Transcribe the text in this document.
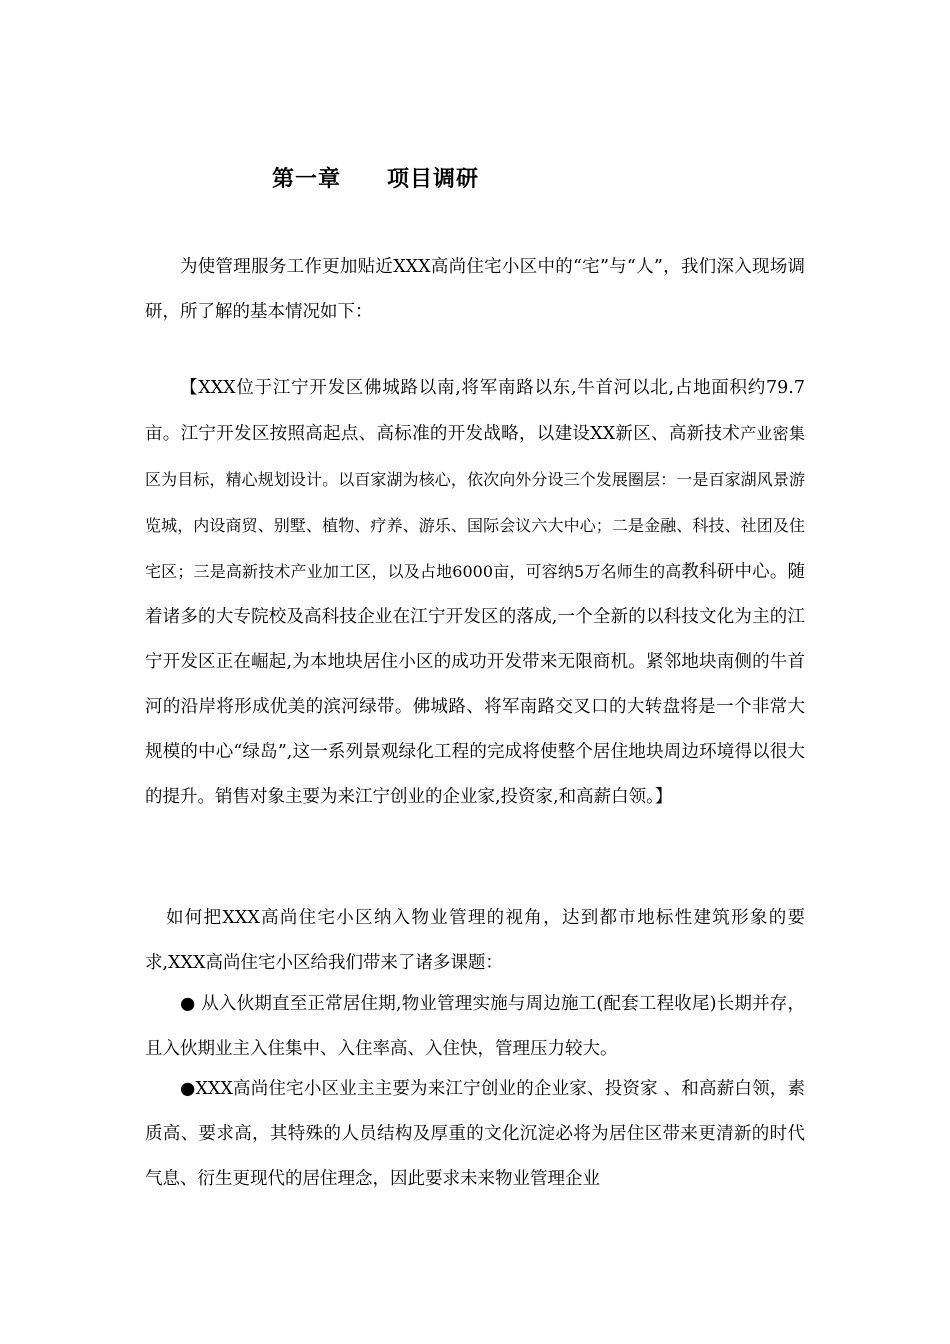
第一章　　项目调研

为使管理服务工作更加贴近XXX高尚住宅小区中的“宅”与“人”，我们深入现场调研，所了解的基本情况如下：

【XXX位于江宁开发区佛城路以南,将军南路以东,牛首河以北,占地面积约79.7亩。江宁开发区按照高起点、高标准的开发战略，以建设XX新区、高新技术产业密集区为目标，精心规划设计。以百家湖为核心，依次向外分设三个发展圈层：一是百家湖风景游览城，内设商贸、别墅、植物、疗养、游乐、国际会议六大中心；二是金融、科技、社团及住宅区；三是高新技术产业加工区，以及占地6000亩，可容纳5万名师生的高教科研中心。随着诸多的大专院校及高科技企业在江宁开发区的落成,一个全新的以科技文化为主的江宁开发区正在崛起,为本地块居住小区的成功开发带来无限商机。紧邻地块南侧的牛首河的沿岸将形成优美的滨河绿带。佛城路、将军南路交叉口的大转盘将是一个非常大规模的中心“绿岛”,这一系列景观绿化工程的完成将使整个居住地块周边环境得以很大的提升。销售对象主要为来江宁创业的企业家,投资家,和高薪白领。】

如何把XXX高尚住宅小区纳入物业管理的视角，达到都市地标性建筑形象的要求,XXX高尚住宅小区给我们带来了诸多课题：

● 从入伙期直至正常居住期,物业管理实施与周边施工(配套工程收尾)长期并存，且入伙期业主入住集中、入住率高、入住快，管理压力较大。

●XXX高尚住宅小区业主主要为来江宁创业的企业家、投资家 、和高薪白领，素质高、要求高，其特殊的人员结构及厚重的文化沉淀必将为居住区带来更清新的时代气息、衍生更现代的居住理念，因此要求未来物业管理企业
